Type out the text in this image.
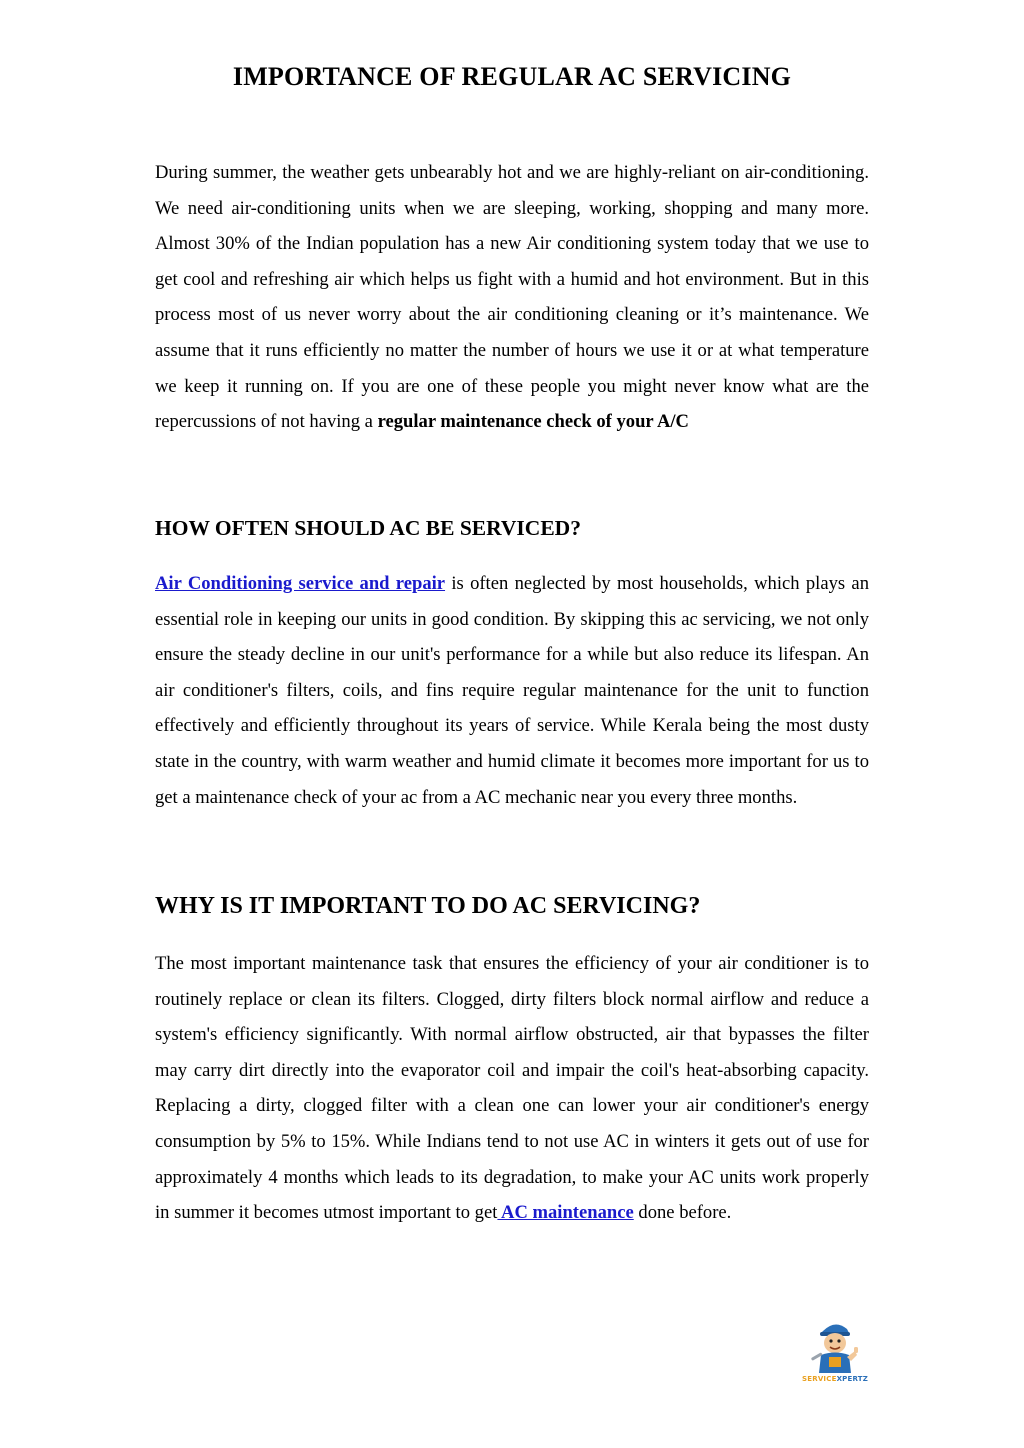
IMPORTANCE OF REGULAR AC SERVICING

During summer, the weather gets unbearably hot and we are highly-reliant on air-conditioning. We need air-conditioning units when we are sleeping, working, shopping and many more. Almost 30% of the Indian population has a new Air conditioning system today that we use to get cool and refreshing air which helps us fight with a humid and hot environment. But in this process most of us never worry about the air conditioning cleaning or it’s maintenance. We assume that it runs efficiently no matter the number of hours we use it or at what temperature we keep it running on. If you are one of these people you might never know what are the repercussions of not having a regular maintenance check of your A/C

HOW OFTEN SHOULD AC BE SERVICED?

Air Conditioning service and repair is often neglected by most households, which plays an essential role in keeping our units in good condition. By skipping this ac servicing, we not only ensure the steady decline in our unit's performance for a while but also reduce its lifespan. An air conditioner's filters, coils, and fins require regular maintenance for the unit to function effectively and efficiently throughout its years of service. While Kerala being the most dusty state in the country, with warm weather and humid climate it becomes more important for us to get a maintenance check of your ac from a AC mechanic near you every three months.

WHY IS IT IMPORTANT TO DO AC SERVICING?

The most important maintenance task that ensures the efficiency of your air conditioner is to routinely replace or clean its filters. Clogged, dirty filters block normal airflow and reduce a system's efficiency significantly. With normal airflow obstructed, air that bypasses the filter may carry dirt directly into the evaporator coil and impair the coil's heat-absorbing capacity. Replacing a dirty, clogged filter with a clean one can lower your air conditioner's energy consumption by 5% to 15%. While Indians tend to not use AC in winters it gets out of use for approximately 4 months which leads to its degradation, to make your AC units work properly in summer it becomes utmost important to get AC maintenance done before.

SERVICEXPERTZ
